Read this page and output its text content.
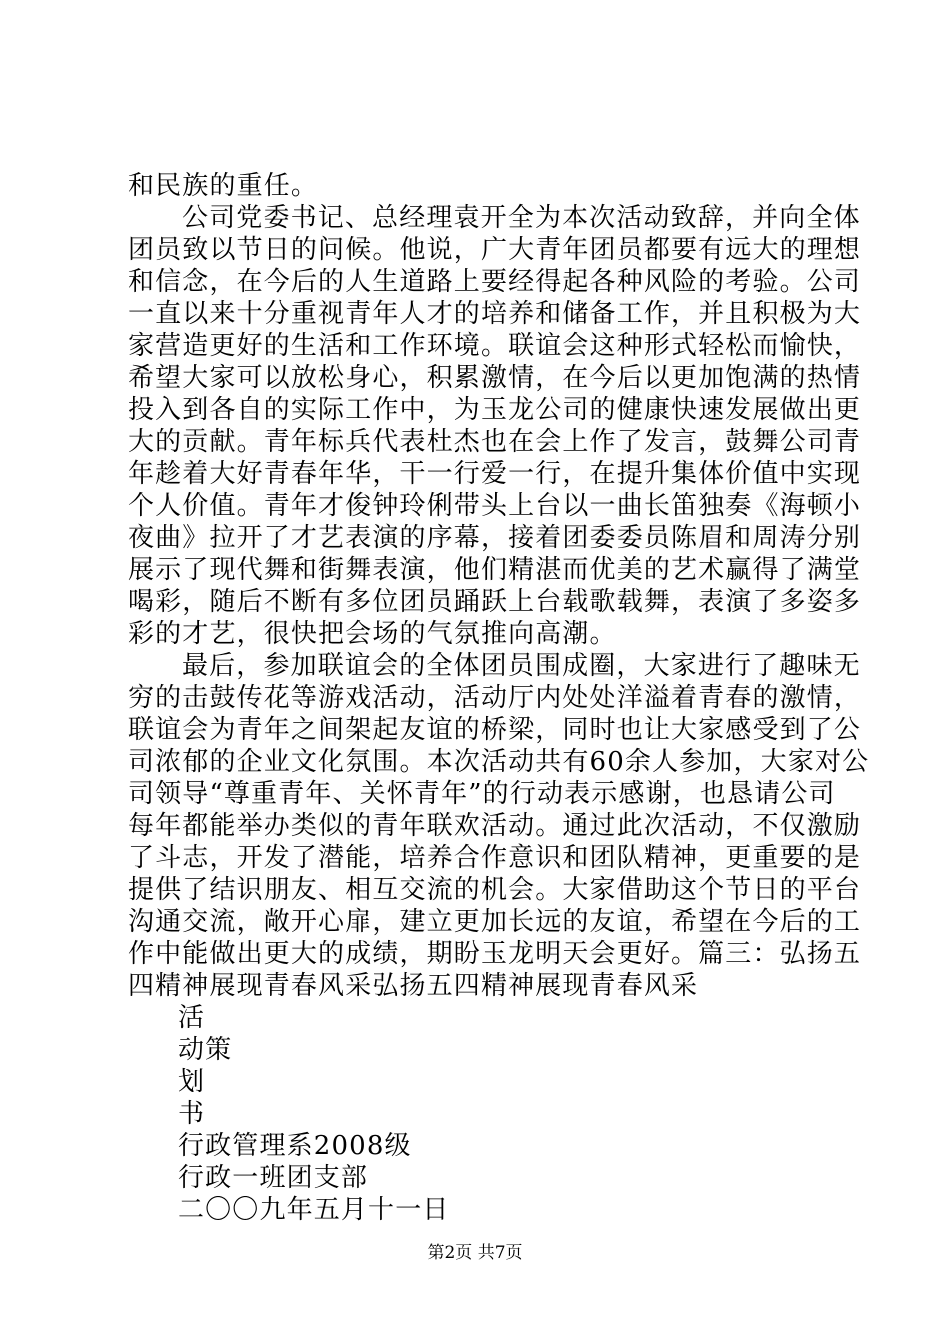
和民族的重任。
公司党委书记、总经理袁开全为本次活动致辞，并向全体
团员致以节日的问候。他说，广大青年团员都要有远大的理想
和信念，在今后的人生道路上要经得起各种风险的考验。公司
一直以来十分重视青年人才的培养和储备工作，并且积极为大
家营造更好的生活和工作环境。联谊会这种形式轻松而愉快，
希望大家可以放松身心，积累激情，在今后以更加饱满的热情
投入到各自的实际工作中，为玉龙公司的健康快速发展做出更
大的贡献。青年标兵代表杜杰也在会上作了发言，鼓舞公司青
年趁着大好青春年华，干一行爱一行，在提升集体价值中实现
个人价值。青年才俊钟玲俐带头上台以一曲长笛独奏《海顿小
夜曲》拉开了才艺表演的序幕，接着团委委员陈眉和周涛分别
展示了现代舞和街舞表演，他们精湛而优美的艺术赢得了满堂
喝彩，随后不断有多位团员踊跃上台载歌载舞，表演了多姿多
彩的才艺，很快把会场的气氛推向高潮。
最后，参加联谊会的全体团员围成圈，大家进行了趣味无
穷的击鼓传花等游戏活动，活动厅内处处洋溢着青春的激情，
联谊会为青年之间架起友谊的桥梁，同时也让大家感受到了公
司浓郁的企业文化氛围。本次活动共有60余人参加，大家对公
司领导“尊重青年、关怀青年”的行动表示感谢，也恳请公司
每年都能举办类似的青年联欢活动。通过此次活动，不仅激励
了斗志，开发了潜能，培养合作意识和团队精神，更重要的是
提供了结识朋友、相互交流的机会。大家借助这个节日的平台
沟通交流，敞开心扉，建立更加长远的友谊，希望在今后的工
作中能做出更大的成绩，期盼玉龙明天会更好。篇三：弘扬五
四精神展现青春风采弘扬五四精神展现青春风采
活
动策
划
书
行政管理系2008级
行政一班团支部
二〇〇九年五月十一日
第2页 共7页
